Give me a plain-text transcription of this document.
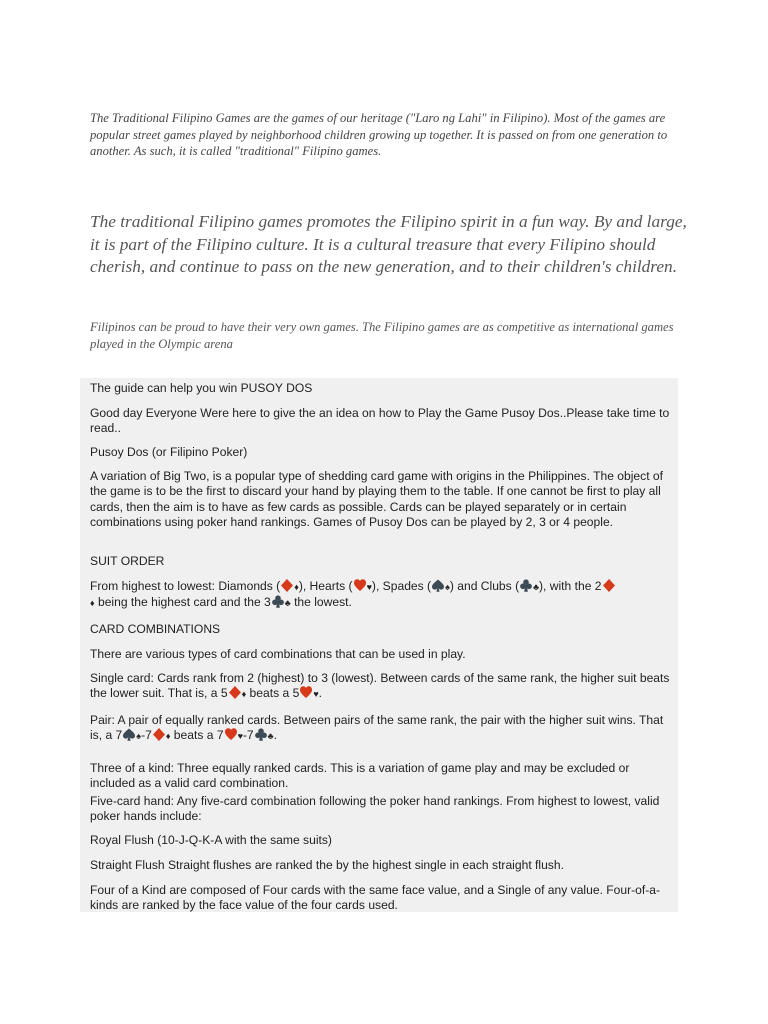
The Traditional Filipino Games are the games of our heritage ("Laro ng Lahi" in Filipino). Most of the games are popular street games played by neighborhood children growing up together. It is passed on from one generation to another. As such, it is called "traditional" Filipino games.

The traditional Filipino games promotes the Filipino spirit in a fun way. By and large, it is part of the Filipino culture. It is a cultural treasure that every Filipino should cherish, and continue to pass on the new generation, and to their children's children.

Filipinos can be proud to have their very own games. The Filipino games are as competitive as international games played in the Olympic arena

The guide can help you win PUSOY DOS

Good day Everyone Were here to give the an idea on how to Play the Game Pusoy Dos..Please take time to read..

Pusoy Dos (or Filipino Poker)

A variation of Big Two, is a popular type of shedding card game with origins in the Philippines. The object of the game is to be the first to discard your hand by playing them to the table. If one cannot be first to play all cards, then the aim is to have as few cards as possible. Cards can be played separately or in certain combinations using poker hand rankings. Games of Pusoy Dos can be played by 2, 3 or 4 people.

SUIT ORDER

From highest to lowest: Diamonds ( ♦), Hearts ( ♥), Spades ( ♠) and Clubs ( ♣), with the 2

♦ being the highest card and the 3 ♣ the lowest.

CARD COMBINATIONS

There are various types of card combinations that can be used in play.

Single card: Cards rank from 2 (highest) to 3 (lowest). Between cards of the same rank, the higher suit beats the lower suit. That is, a 5 ♦ beats a 5 ♥.

Pair: A pair of equally ranked cards. Between pairs of the same rank, the pair with the higher suit wins. That is, a 7 ♠-7 ♦ beats a 7 ♥-7 ♣.

Three of a kind: Three equally ranked cards. This is a variation of game play and may be excluded or included as a valid card combination.

Five-card hand: Any five-card combination following the poker hand rankings. From highest to lowest, valid poker hands include:

Royal Flush (10-J-Q-K-A with the same suits)

Straight Flush Straight flushes are ranked the by the highest single in each straight flush.

Four of a Kind are composed of Four cards with the same face value, and a Single of any value. Four-of-a-kinds are ranked by the face value of the four cards used.
